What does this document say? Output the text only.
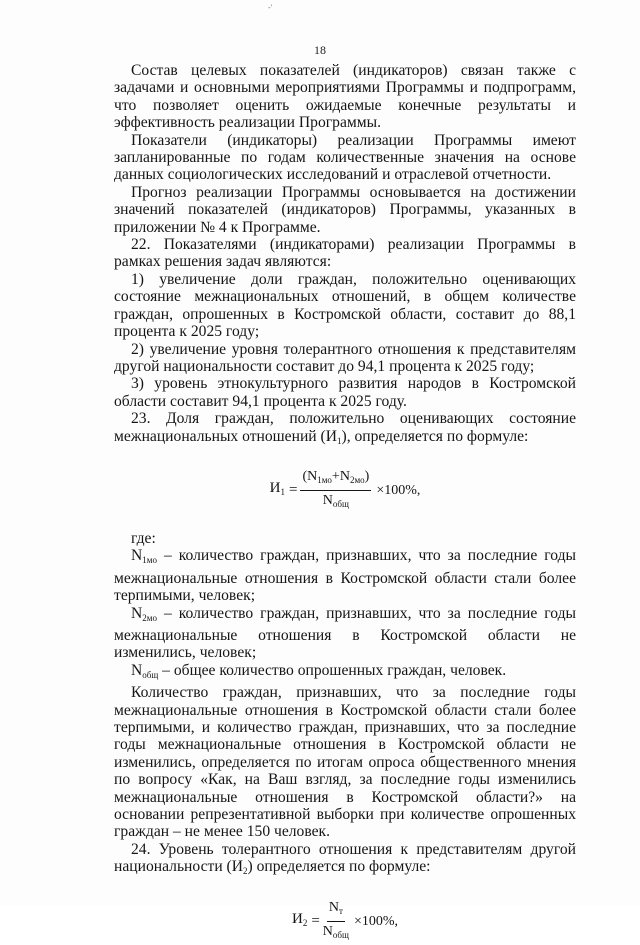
-′
18

Состав целевых показателей (индикаторов) связан также с задачами и основными мероприятиями Программы и подпрограмм, что позволяет оценить ожидаемые конечные результаты и эффективность реализации Программы.

Показатели (индикаторы) реализации Программы имеют запланированные по годам количественные значения на основе данных социологических исследований и отраслевой отчетности.

Прогноз реализации Программы основывается на достижении значений показателей (индикаторов) Программы, указанных в приложении № 4 к Программе.

22. Показателями (индикаторами) реализации Программы в рамках решения задач являются:

1) увеличение доли граждан, положительно оценивающих состояние межнациональных отношений, в общем количестве граждан, опрошенных в Костромской области, составит до 88,1 процента к 2025 году;

2) увеличение уровня толерантного отношения к представителям другой национальности составит до 94,1 процента к 2025 году;

3) уровень этнокультурного развития народов в Костромской области составит 94,1 процента к 2025 году.

23. Доля граждан, положительно оценивающих состояние межнациональных отношений $(И_1)$, определяется по формуле:

$И_1 = \frac{(N_{1мо}+N_{2мо})}{N_{общ}} \times 100\%$,

где:

$N_{1мо}$ – количество граждан, признавших, что за последние годы межнациональные отношения в Костромской области стали более терпимыми, человек;

$N_{2мо}$ – количество граждан, признавших, что за последние годы межнациональные отношения в Костромской области не изменились, человек;

$N_{общ}$ – общее количество опрошенных граждан, человек.

Количество граждан, признавших, что за последние годы межнациональные отношения в Костромской области стали более терпимыми, и количество граждан, признавших, что за последние годы межнациональные отношения в Костромской области не изменились, определяется по итогам опроса общественного мнения по вопросу «Как, на Ваш взгляд, за последние годы изменились межнациональные отношения в Костромской области?» на основании репрезентативной выборки при количестве опрошенных граждан – не менее 150 человек.

24. Уровень толерантного отношения к представителям другой национальности $(И_2)$ определяется по формуле:

$И_2 = \frac{N_т}{N_{общ}} \times 100\%$,
